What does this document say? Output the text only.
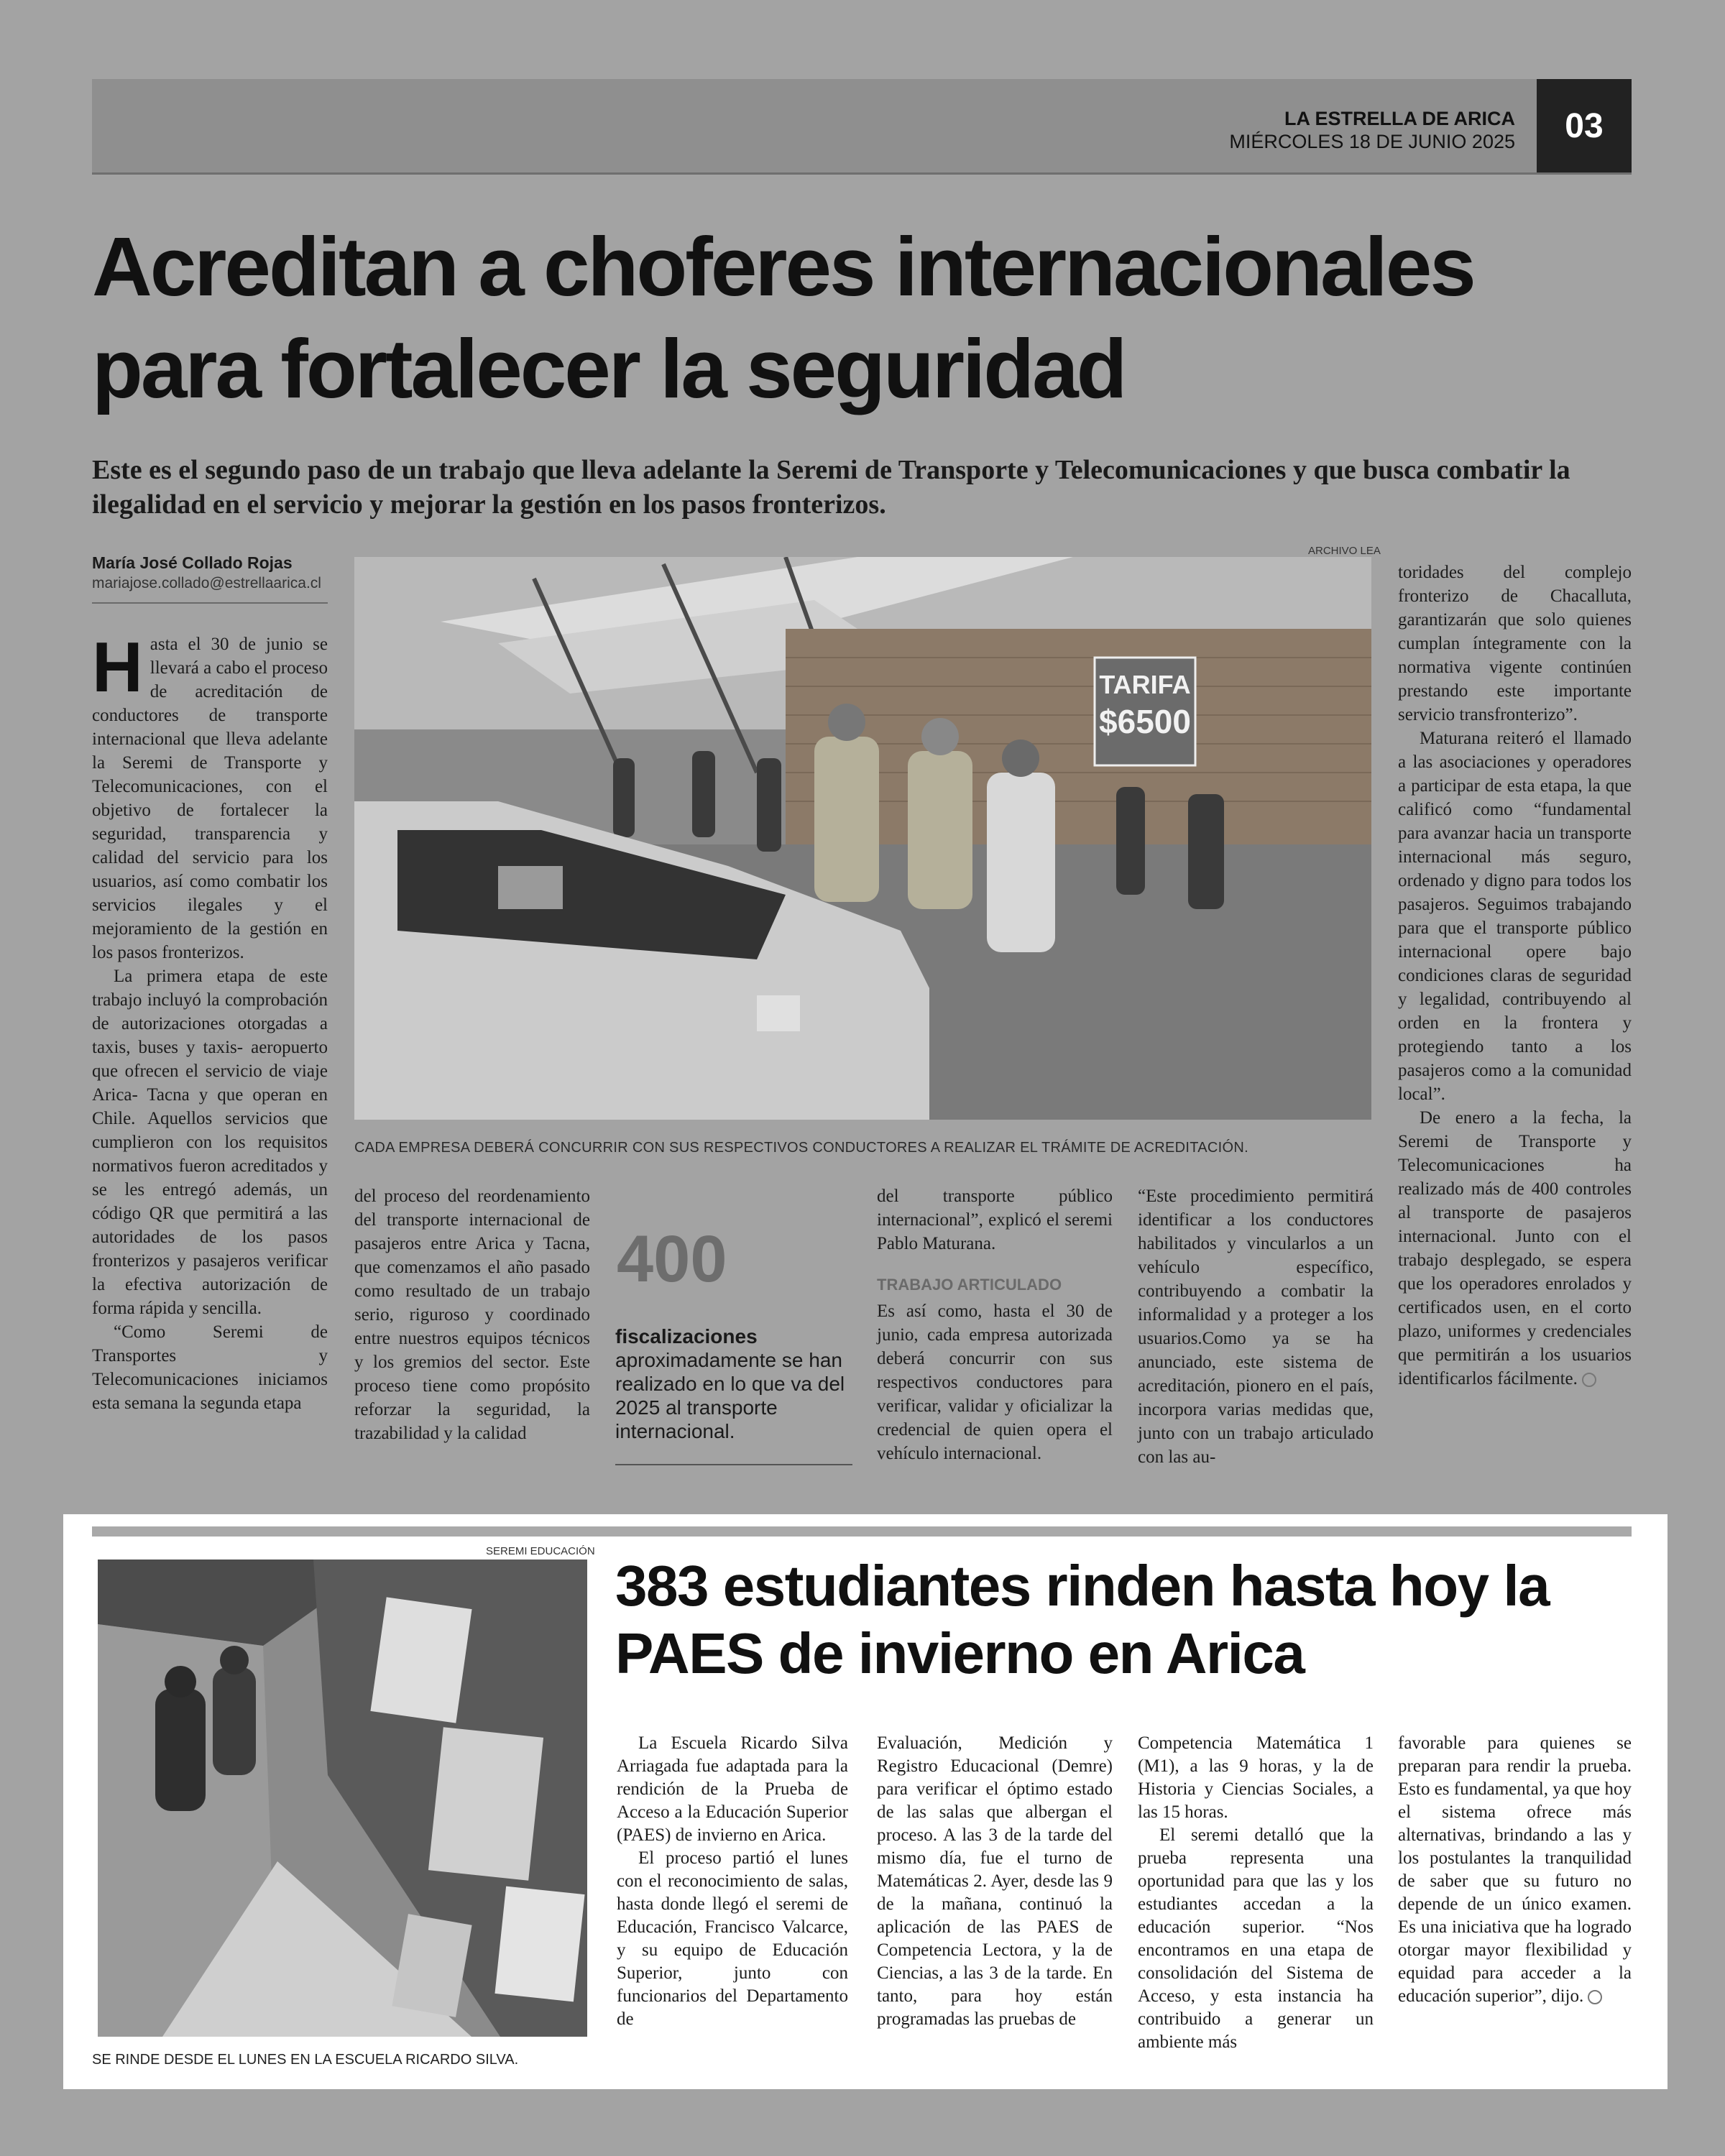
LA ESTRELLA DE ARICA
MIÉRCOLES 18 DE JUNIO 2025	03
Acreditan a choferes internacionales
para fortalecer la seguridad
Este es el segundo paso de un trabajo que lleva adelante la Seremi de Transporte y Telecomunicaciones y que busca combatir la ilegalidad en el servicio y mejorar la gestión en los pasos fronterizos.
María José Collado Rojas
mariajose.collado@estrellaarica.cl

Hasta el 30 de junio se llevará a cabo el proceso de acreditación de conductores de transporte internacional que lleva adelante la Seremi de Transporte y Telecomunicaciones, con el objetivo de fortalecer la seguridad, transparencia y calidad del servicio para los usuarios, así como combatir los servicios ilegales y el mejoramiento de la gestión en los pasos fronterizos.

La primera etapa de este trabajo incluyó la comprobación de autorizaciones otorgadas a taxis, buses y taxis- aeropuerto que ofrecen el servicio de viaje Arica- Tacna y que operan en Chile. Aquellos servicios que cumplieron con los requisitos normativos fueron acreditados y se les entregó además, un código QR que permitirá a las autoridades de los pasos fronterizos y pasajeros verificar la efectiva autorización de forma rápida y sencilla.

“Como Seremi de Transportes y Telecomunicaciones iniciamos esta semana la segunda etapa

ARCHIVO LEA
TARIFA
$6500
CADA EMPRESA DEBERÁ CONCURRIR CON SUS RESPECTIVOS CONDUCTORES A REALIZAR EL TRÁMITE DE ACREDITACIÓN.

del proceso del reordenamiento del transporte internacional de pasajeros entre Arica y Tacna, que comenzamos el año pasado como resultado de un trabajo serio, riguroso y coordinado entre nuestros equipos técnicos y los gremios del sector. Este proceso tiene como propósito reforzar la seguridad, la trazabilidad y la calidad

400
fiscalizaciones aproximadamente se han realizado en lo que va del 2025 al transporte internacional.

del transporte público internacional”, explicó el seremi Pablo Maturana.

TRABAJO ARTICULADO

Es así como, hasta el 30 de junio, cada empresa autorizada deberá concurrir con sus respectivos conductores para verificar, validar y oficializar la credencial de quien opera el vehículo internacional.

“Este procedimiento permitirá identificar a los conductores habilitados y vincularlos a un vehículo específico, contribuyendo a combatir la informalidad y a proteger a los usuarios.Como ya se ha anunciado, este sistema de acreditación, pionero en el país, incorpora varias medidas que, junto con un trabajo articulado con las au-

toridades del complejo fronterizo de Chacalluta, garantizarán que solo quienes cumplan íntegramente con la normativa vigente continúen prestando este importante servicio transfronterizo”.

Maturana reiteró el llamado a las asociaciones y operadores a participar de esta etapa, la que calificó como “fundamental para avanzar hacia un transporte internacional más seguro, ordenado y digno para todos los pasajeros. Seguimos trabajando para que el transporte público internacional opere bajo condiciones claras de seguridad y legalidad, contribuyendo al orden en la frontera y protegiendo tanto a los pasajeros como a la comunidad local”.

De enero a la fecha, la Seremi de Transporte y Telecomunicaciones ha realizado más de 400 controles al transporte de pasajeros internacional. Junto con el trabajo desplegado, se espera que los operadores enrolados y certificados usen, en el corto plazo, uniformes y credenciales que permitirán a los usuarios identificarlos fácilmente.

SEREMI EDUCACIÓN
SE RINDE DESDE EL LUNES EN LA ESCUELA RICARDO SILVA.
383 estudiantes rinden hasta hoy la
PAES de invierno en Arica

La Escuela Ricardo Silva Arriagada fue adaptada para la rendición de la Prueba de Acceso a la Educación Superior (PAES) de invierno en Arica.

El proceso partió el lunes con el reconocimiento de salas, hasta donde llegó el seremi de Educación, Francisco Valcarce, y su equipo de Educación Superior, junto con funcionarios del Departamento de

Evaluación, Medición y Registro Educacional (Demre) para verificar el óptimo estado de las salas que albergan el proceso. A las 3 de la tarde del mismo día, fue el turno de Matemáticas 2. Ayer, desde las 9 de la mañana, continuó la aplicación de las PAES de Competencia Lectora, y la de Ciencias, a las 3 de la tarde. En tanto, para hoy están programadas las pruebas de

Competencia Matemática 1 (M1), a las 9 horas, y la de Historia y Ciencias Sociales, a las 15 horas.

El seremi detalló que la prueba representa una oportunidad para que las y los estudiantes accedan a la educación superior. “Nos encontramos en una etapa de consolidación del Sistema de Acceso, y esta instancia ha contribuido a generar un ambiente más

favorable para quienes se preparan para rendir la prueba. Esto es fundamental, ya que hoy el sistema ofrece más alternativas, brindando a las y los postulantes la tranquilidad de saber que su futuro no depende de un único examen. Es una iniciativa que ha logrado otorgar mayor flexibilidad y equidad para acceder a la educación superior”, dijo.
